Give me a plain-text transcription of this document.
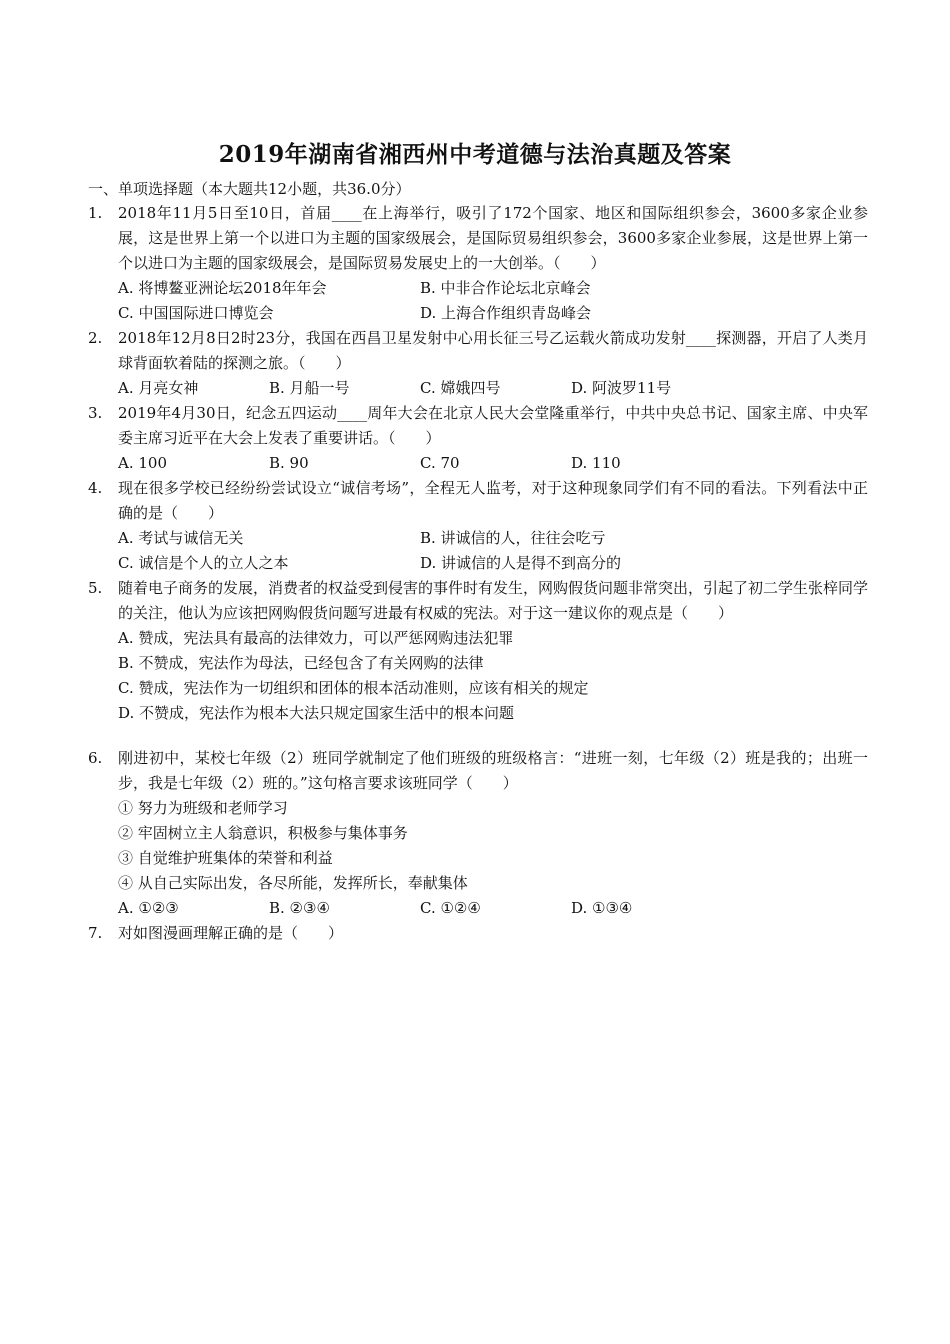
2019年湖南省湘西州中考道德与法治真题及答案
一、单项选择题（本大题共12小题，共36.0分）
1.	2018年11月5日至10日，首届____在上海举行，吸引了172个国家、地区和国际组织参会，3600多家企业参展，这是世界上第一个以进口为主题的国家级展会，是国际贸易组织参会，3600多家企业参展，这是世界上第一个以进口为主题的国家级展会，是国际贸易发展史上的一大创举。（　　）
A. 将博鳌亚洲论坛2018年年会	B. 中非合作论坛北京峰会
C. 中国国际进口博览会	D. 上海合作组织青岛峰会
2.	2018年12月8日2时23分，我国在西昌卫星发射中心用长征三号乙运载火箭成功发射____探测器，开启了人类月球背面软着陆的探测之旅。（　　）
A. 月亮女神	B. 月船一号	C. 嫦娥四号	D. 阿波罗11号
3.	2019年4月30日，纪念五四运动____周年大会在北京人民大会堂隆重举行，中共中央总书记、国家主席、中央军委主席习近平在大会上发表了重要讲话。（　　）
A. 100	B. 90	C. 70	D. 110
4.	现在很多学校已经纷纷尝试设立“诚信考场”，全程无人监考，对于这种现象同学们有不同的看法。下列看法中正确的是（　　）
A. 考试与诚信无关	B. 讲诚信的人，往往会吃亏
C. 诚信是个人的立人之本	D. 讲诚信的人是得不到高分的
5.	随着电子商务的发展，消费者的权益受到侵害的事件时有发生，网购假货问题非常突出，引起了初二学生张梓同学的关注，他认为应该把网购假货问题写进最有权威的宪法。对于这一建议你的观点是（　　）
A. 赞成，宪法具有最高的法律效力，可以严惩网购违法犯罪
B. 不赞成，宪法作为母法，已经包含了有关网购的法律
C. 赞成，宪法作为一切组织和团体的根本活动准则，应该有相关的规定
D. 不赞成，宪法作为根本大法只规定国家生活中的根本问题
6.	刚进初中，某校七年级（2）班同学就制定了他们班级的班级格言：“进班一刻，七年级（2）班是我的；出班一步，我是七年级（2）班的。”这句格言要求该班同学（　　）
① 努力为班级和老师学习
② 牢固树立主人翁意识，积极参与集体事务
③ 自觉维护班集体的荣誉和利益
④ 从自己实际出发，各尽所能，发挥所长，奉献集体
A. ①②③	B. ②③④	C. ①②④	D. ①③④
7.	对如图漫画理解正确的是（　　）
